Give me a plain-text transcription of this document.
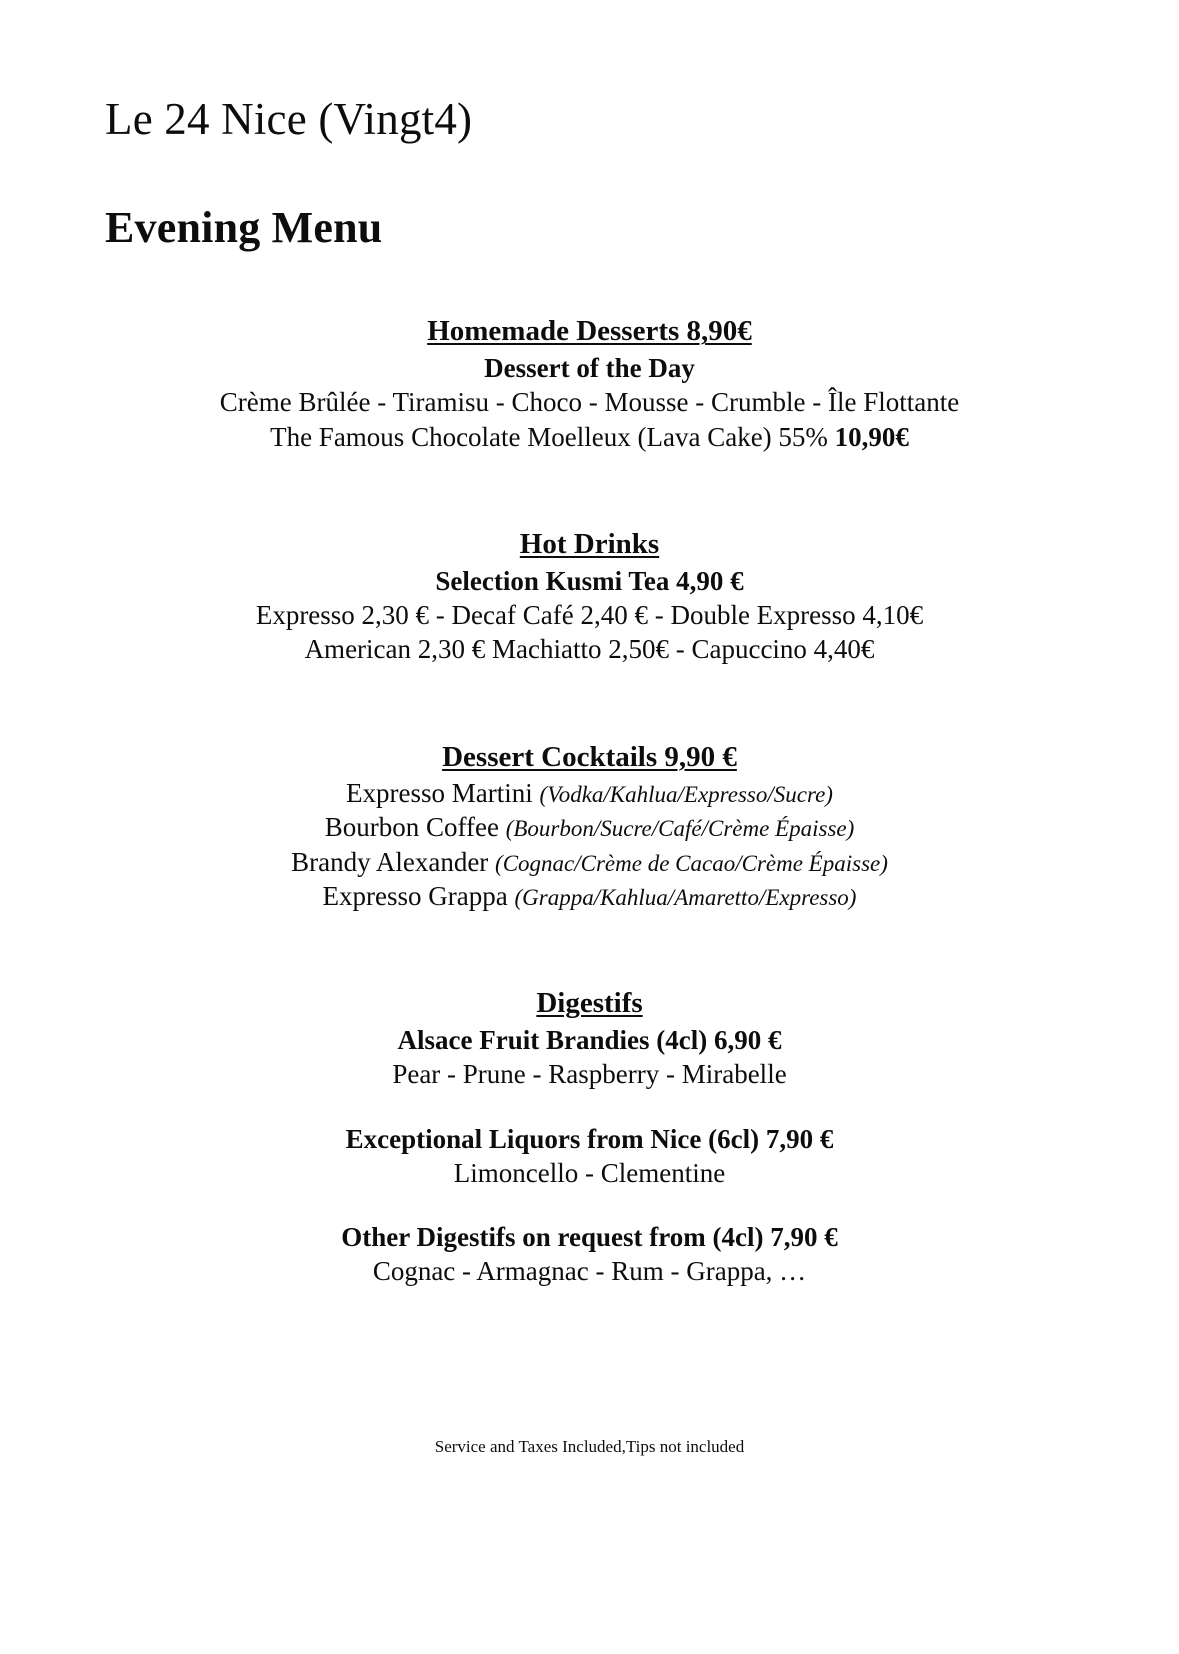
Le 24 Nice (Vingt4)
Evening Menu

Homemade Desserts 8,90€

Dessert of the Day

Crème Brûlée - Tiramisu - Choco - Mousse - Crumble - Île Flottante

The Famous Chocolate Moelleux (Lava Cake) 55% 10,90€

Hot Drinks

Selection Kusmi Tea 4,90 €

Expresso 2,30 € - Decaf Café 2,40 € - Double Expresso 4,10€

American 2,30 € Machiatto 2,50€ - Capuccino 4,40€

Dessert Cocktails 9,90 €

Expresso Martini (Vodka/Kahlua/Expresso/Sucre)

Bourbon Coffee (Bourbon/Sucre/Café/Crème Épaisse)

Brandy Alexander (Cognac/Crème de Cacao/Crème Épaisse)

Expresso Grappa (Grappa/Kahlua/Amaretto/Expresso)

Digestifs

Alsace Fruit Brandies (4cl) 6,90 €

Pear - Prune - Raspberry - Mirabelle

Exceptional Liquors from Nice (6cl) 7,90 €

Limoncello - Clementine

Other Digestifs on request from (4cl) 7,90 €

Cognac - Armagnac - Rum - Grappa, …

Service and Taxes Included,Tips not included
